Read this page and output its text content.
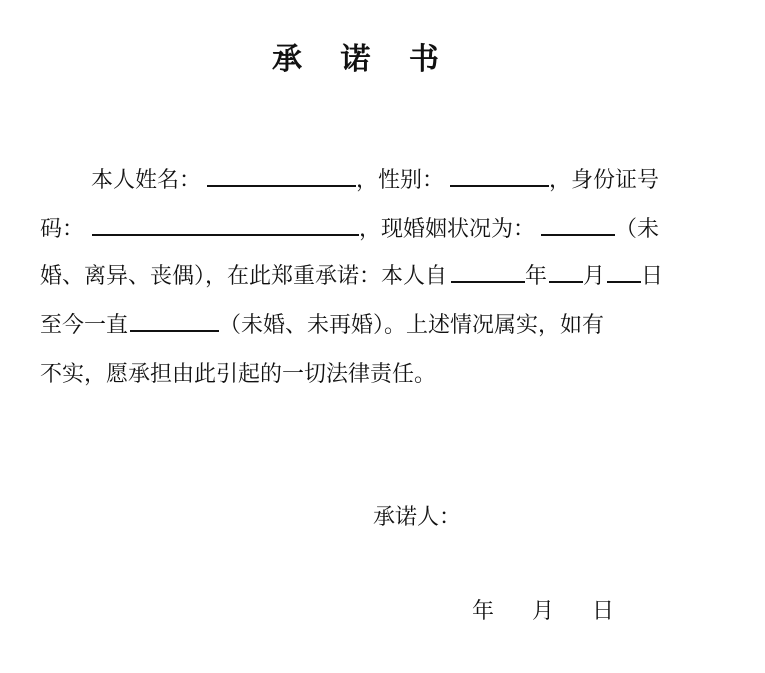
承 诺 书
本人姓名：	，性别：	，身份证号
码：	，现婚姻状况为：	（未
婚、离异、丧偶），在此郑重承诺：本人自	年 月 日
至今一直	（未婚、未再婚）。上述情况属实，如有
不实，愿承担由此引起的一切法律责任。
承诺人：
年 月 日
